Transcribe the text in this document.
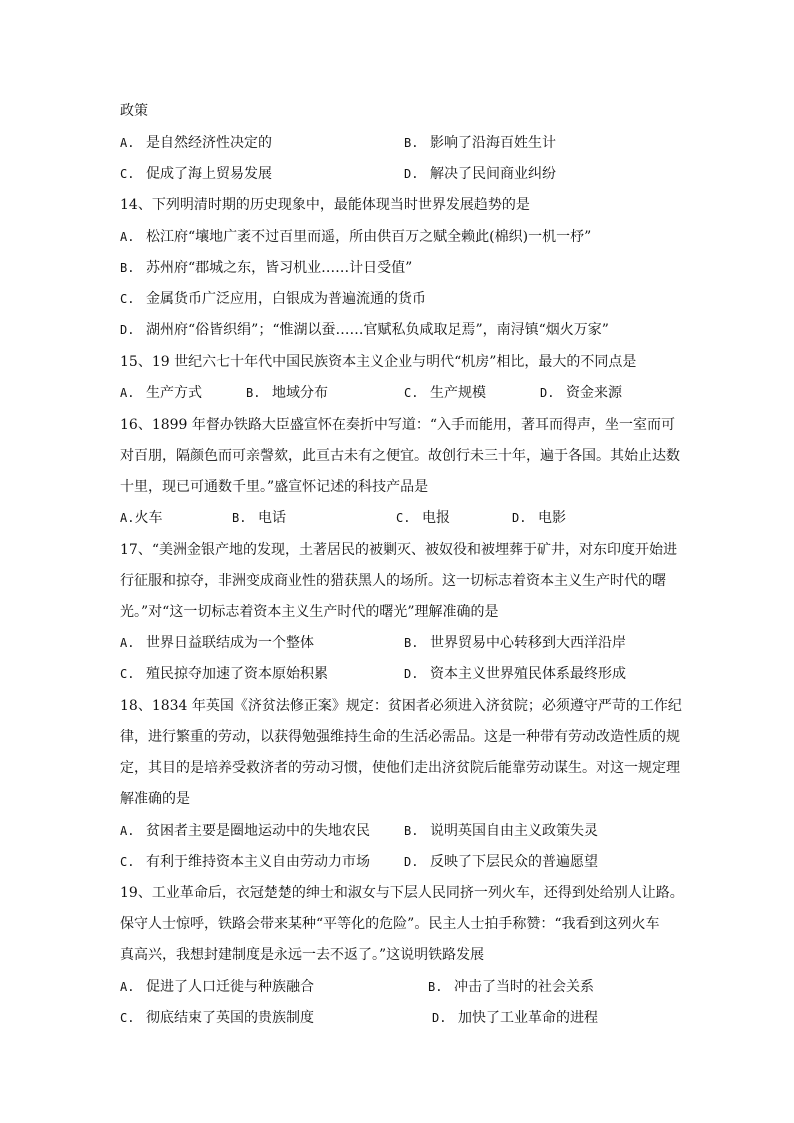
政策
A. 是自然经济性决定的	B. 影响了沿海百姓生计
C. 促成了海上贸易发展	D. 解决了民间商业纠纷
14、下列明清时期的历史现象中，最能体现当时世界发展趋势的是
A. 松江府“壤地广袤不过百里而遥，所由供百万之赋全赖此(棉织)一机一杼”
B. 苏州府“郡城之东，皆习机业……计日受值”
C. 金属货币广泛应用，白银成为普遍流通的货币
D. 湖州府“俗皆织绢”；“惟湖以蚕……官赋私负咸取足焉”，南浔镇“烟火万家”
15、19 世纪六七十年代中国民族资本主义企业与明代“机房”相比，最大的不同点是
A. 生产方式	B. 地域分布	C. 生产规模	D. 资金来源
16、1899 年督办铁路大臣盛宣怀在奏折中写道：“入手而能用，著耳而得声，坐一室而可
对百朋，隔颜色而可亲謦欬，此亘古未有之便宜。故创行未三十年，遍于各国。其始止达数
十里，现已可通数千里。”盛宣怀记述的科技产品是
A.火车	B. 电话	C. 电报	D. 电影
17、“美洲金银产地的发现，土著居民的被剿灭、被奴役和被埋葬于矿井，对东印度开始进
行征服和掠夺，非洲变成商业性的猎获黑人的场所。这一切标志着资本主义生产时代的曙
光。”对“这一切标志着资本主义生产时代的曙光”理解准确的是
A. 世界日益联结成为一个整体	B. 世界贸易中心转移到大西洋沿岸
C. 殖民掠夺加速了资本原始积累	D. 资本主义世界殖民体系最终形成
18、1834 年英国《济贫法修正案》规定：贫困者必须进入济贫院；必须遵守严苛的工作纪
律，进行繁重的劳动，以获得勉强维持生命的生活必需品。这是一种带有劳动改造性质的规
定，其目的是培养受救济者的劳动习惯，使他们走出济贫院后能靠劳动谋生。对这一规定理
解准确的是
A. 贫困者主要是圈地运动中的失地农民	B. 说明英国自由主义政策失灵
C. 有利于维持资本主义自由劳动力市场	D. 反映了下层民众的普遍愿望
19、工业革命后，衣冠楚楚的绅士和淑女与下层人民同挤一列火车，还得到处给别人让路。
保守人士惊呼，铁路会带来某种“平等化的危险”。民主人士拍手称赞：“我看到这列火车
真高兴，我想封建制度是永远一去不返了。”这说明铁路发展
A. 促进了人口迁徙与种族融合	B. 冲击了当时的社会关系
C. 彻底结束了英国的贵族制度	D. 加快了工业革命的进程
